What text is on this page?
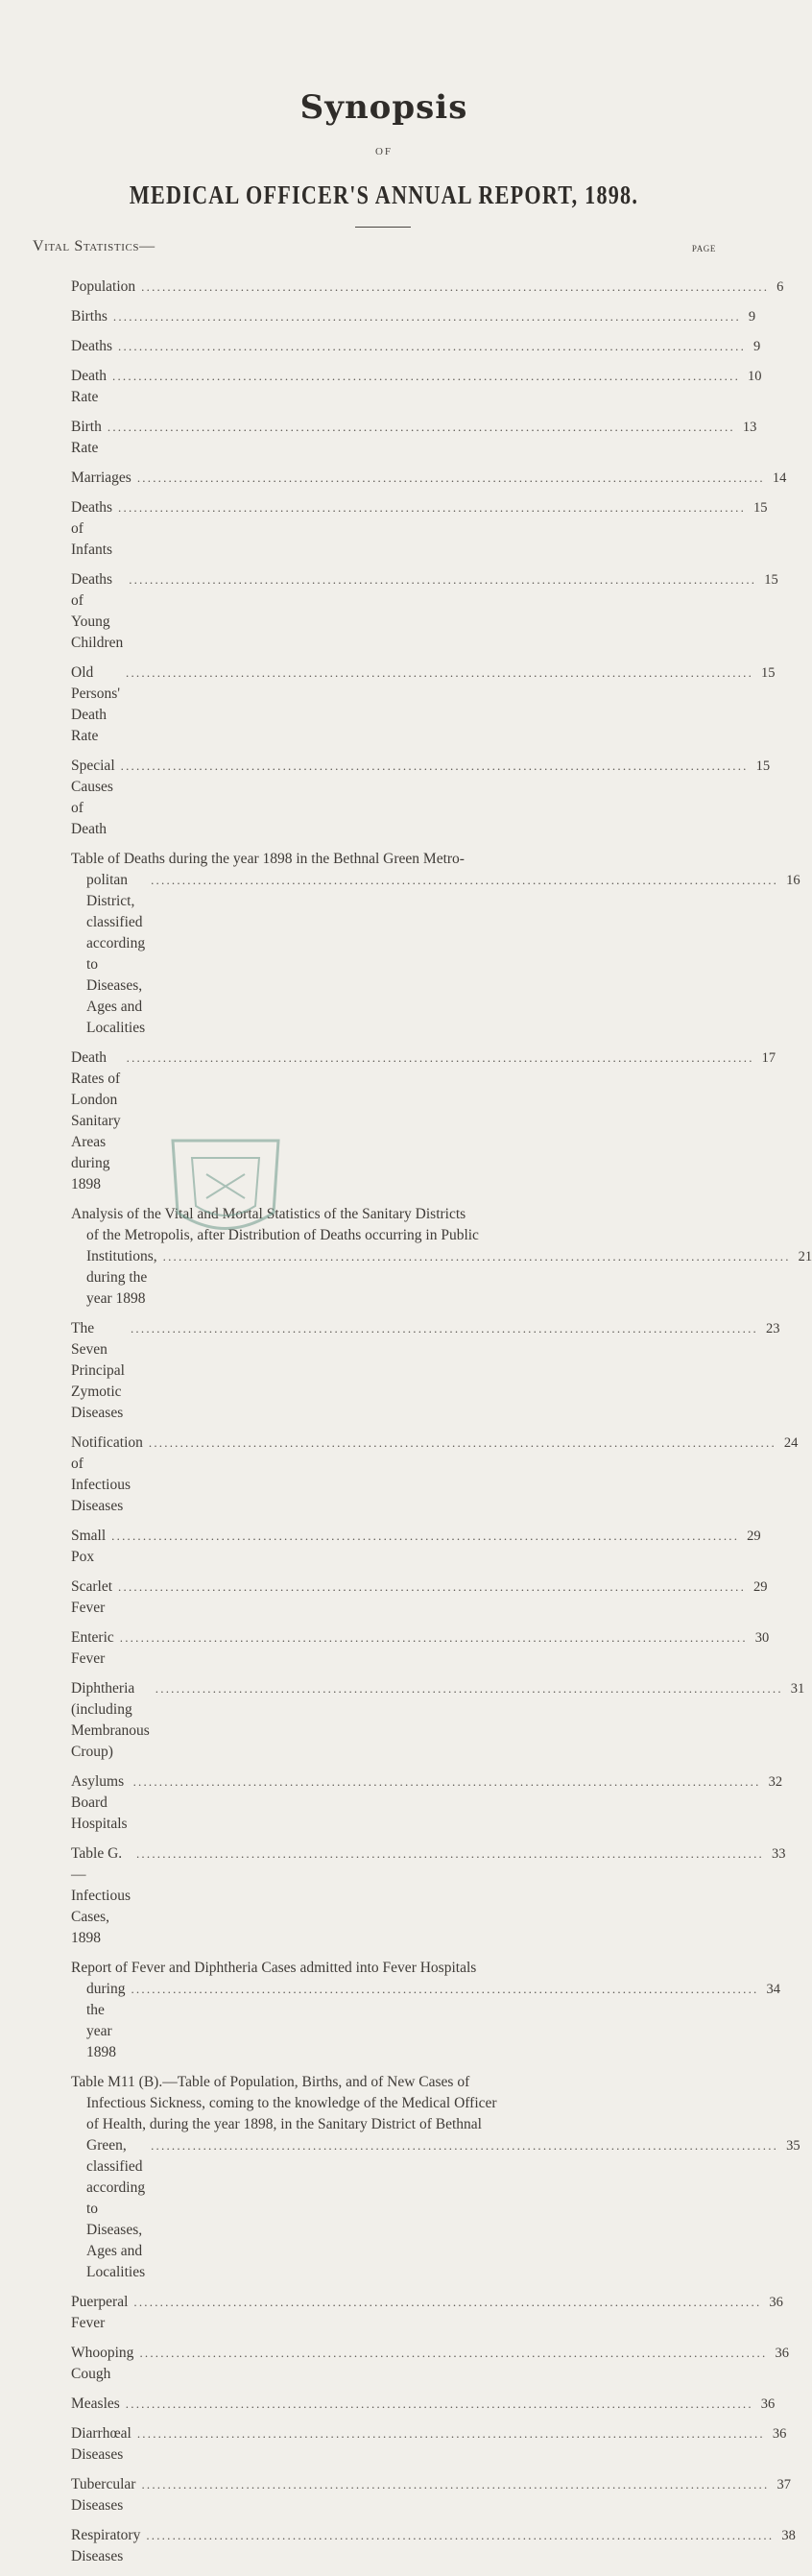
Synopsis
OF
MEDICAL OFFICER'S ANNUAL REPORT, 1898.
Vital Statistics—	page
Population ........................................................................................................................ 6
Births ........................................................................................................................ 9
Deaths ........................................................................................................................ 9
Death Rate
........................................................................................................................ 10
Birth Rate
........................................................................................................................ 13
Marriages ........................................................................................................................ 14
Deaths of Infants
........................................................................................................................ 15
Deaths of Young Children
........................................................................................................................ 15
Old Persons' Death Rate
........................................................................................................................ 15
Special Causes of Death
........................................................................................................................ 15
Table of Deaths during the year 1898 in the Bethnal Green Metro-
politan District, classified according to Diseases, Ages and Localities
........................................................................................................................ 16
Death Rates of London Sanitary Areas during 1898
........................................................................................................................ 17
Analysis of the Vital and Mortal Statistics of the Sanitary Districts
of the Metropolis, after Distribution of Deaths occurring in Public
Institutions, during the year 1898
........................................................................................................................ 21
The Seven Principal Zymotic Diseases
........................................................................................................................ 23
Notification of Infectious Diseases
........................................................................................................................ 24
Small Pox
........................................................................................................................ 29
Scarlet Fever
........................................................................................................................ 29
Enteric Fever
........................................................................................................................ 30
Diphtheria (including Membranous Croup)
........................................................................................................................ 31
Asylums Board Hospitals
........................................................................................................................ 32
Table G.—Infectious Cases, 1898
........................................................................................................................ 33
Report of Fever and Diphtheria Cases admitted into Fever Hospitals
during the year 1898
........................................................................................................................ 34
Table M11 (B).—Table of Population, Births, and of New Cases of
Infectious Sickness, coming to the knowledge of the Medical Officer
of Health, during the year 1898, in the Sanitary District of Bethnal
Green, classified according to Diseases, Ages and Localities
........................................................................................................................ 35
Puerperal Fever
........................................................................................................................ 36
Whooping Cough
........................................................................................................................ 36
Measles ........................................................................................................................ 36
Diarrhœal Diseases
........................................................................................................................ 36
Tubercular Diseases
........................................................................................................................ 37
Respiratory Diseases
........................................................................................................................ 38
